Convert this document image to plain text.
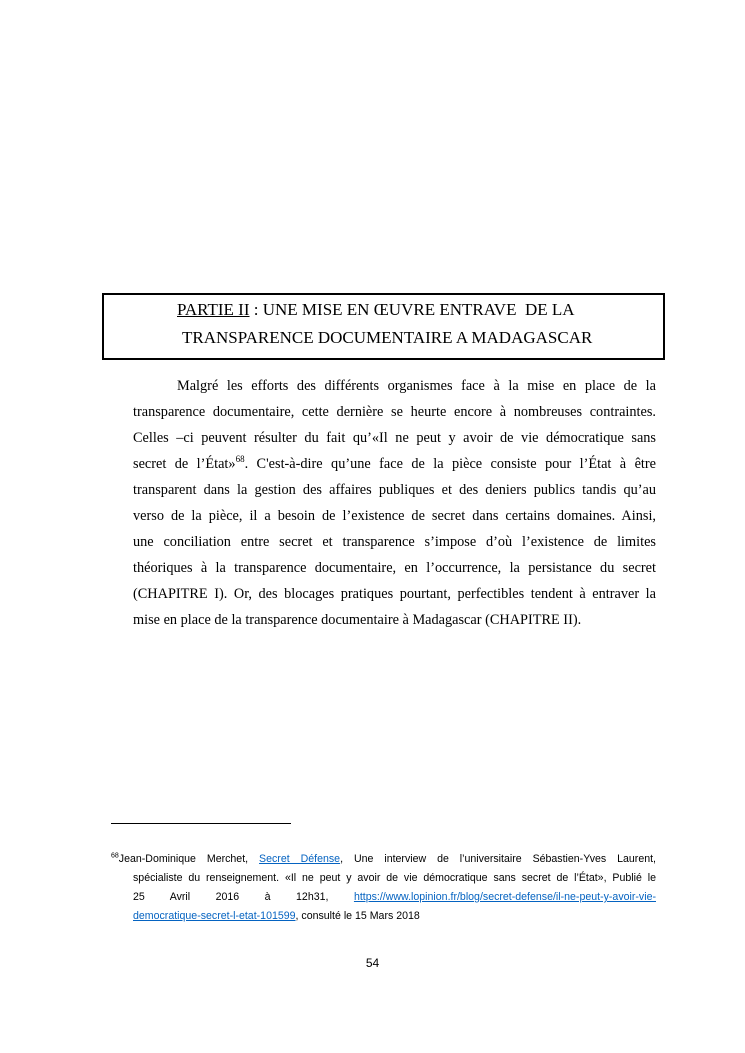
PARTIE II : UNE MISE EN ŒUVRE ENTRAVE  DE LA
TRANSPARENCE DOCUMENTAIRE A MADAGASCAR
Malgré les efforts des différents organismes face à la mise en place de la
transparence documentaire, cette dernière se heurte encore à nombreuses contraintes.
Celles –ci peuvent résulter du fait qu’«Il ne peut y avoir de vie démocratique sans
secret de l’État»$^{68}$. C'est-à-dire qu’une face de la pièce consiste pour l’État à être
transparent dans la gestion des affaires publiques et des deniers publics tandis qu’au
verso de la pièce, il a besoin de l’existence de secret dans certains domaines. Ainsi,
une conciliation entre secret et transparence s’impose d’où l’existence de limites
théoriques à la transparence documentaire, en l’occurrence, la persistance du secret
(CHAPITRE I). Or, des blocages pratiques pourtant, perfectibles tendent à entraver la
mise en place de la transparence documentaire à Madagascar (CHAPITRE II).
$^{68}$Jean-Dominique Merchet, Secret Défense, Une interview de l’universitaire Sébastien-Yves Laurent,
spécialiste du renseignement. «Il ne peut y avoir de vie démocratique sans secret de l’État», Publié le
25 Avril 2016 à 12h31, https://www.lopinion.fr/blog/secret-defense/il-ne-peut-y-avoir-vie-
democratique-secret-l-etat-101599, consulté le 15 Mars 2018
54
